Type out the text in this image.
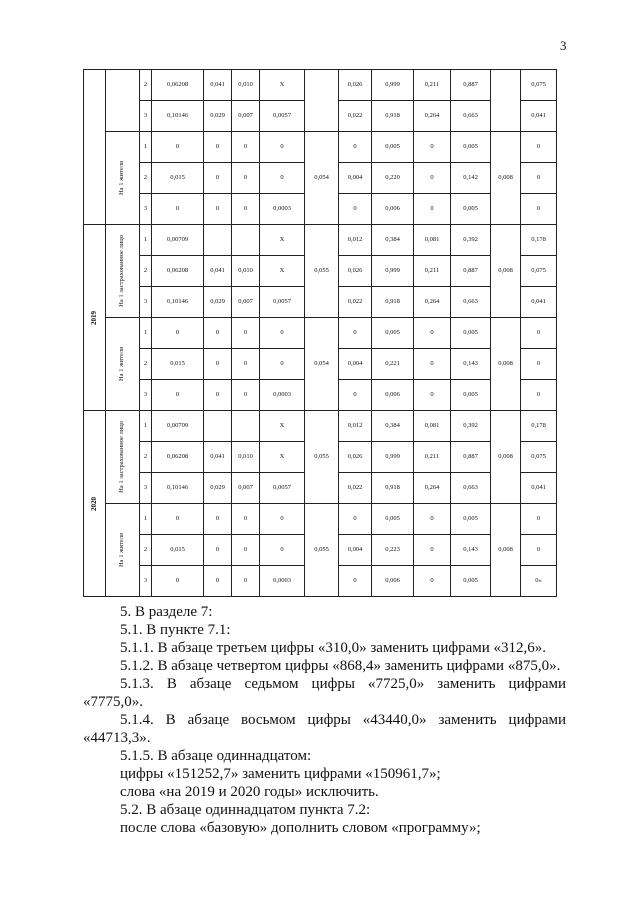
3
		2	0,06208	0,041	0,010	X		0,026	0,999	0,211	0,887		0,075
		3	0,10146	0,029	0,007	0,0057		0,022	0,918	0,264	0,663		0,041

	На 1 жителя	1	0	0	0	0	0,054	0	0,005	0	0,005	0,008	0
		2	0,015	0	0	0		0,004	0,220	0	0,142		0
		3	0	0	0	0,0003		0	0,006	0	0,005		0

2019	На 1 застрахованное лицо	1	0,00709			X	0,055	0,012	0,384	0,081	0,392	0,008	0,178
		2	0,06208	0,041	0,010	X		0,026	0,999	0,211	0,887		0,075
		3	0,10146	0,029	0,007	0,0057		0,022	0,918	0,264	0,663		0,041

	На 1 жителя	1	0	0	0	0	0,054	0	0,005	0	0,005	0,008	0
		2	0,015	0	0	0		0,004	0,221	0	0,143		0
		3	0	0	0	0,0003		0	0,006	0	0,005		0

2020	На 1 застрахованное лицо	1	0,00709			X	0,055	0,012	0,384	0,081	0,392	0,008	0,178
		2	0,06208	0,041	0,010	X		0,026	0,999	0,211	0,887		0,075
		3	0,10146	0,029	0,007	0,0057		0,022	0,918	0,264	0,663		0,041

	На 1 жителя	1	0	0	0	0	0,055	0	0,005	0	0,005	0,008	0
		2	0,015	0	0	0		0,004	0,223	0	0,143		0
		3	0	0	0	0,0003		0	0,006	0	0,005		0»

5. В разделе 7:

5.1. В пункте 7.1:

5.1.1. В абзаце третьем цифры «310,0» заменить цифрами «312,6».

5.1.2. В абзаце четвертом цифры «868,4» заменить цифрами «875,0».

5.1.3. В абзаце седьмом цифры «7725,0» заменить цифрами

«7775,0».

5.1.4. В абзаце восьмом цифры «43440,0» заменить цифрами

«44713,3».

5.1.5. В абзаце одиннадцатом:

цифры «151252,7» заменить цифрами «150961,7»;

слова «на 2019 и 2020 годы» исключить.

5.2. В абзаце одиннадцатом пункта 7.2:

после слова «базовую» дополнить словом «программу»;
